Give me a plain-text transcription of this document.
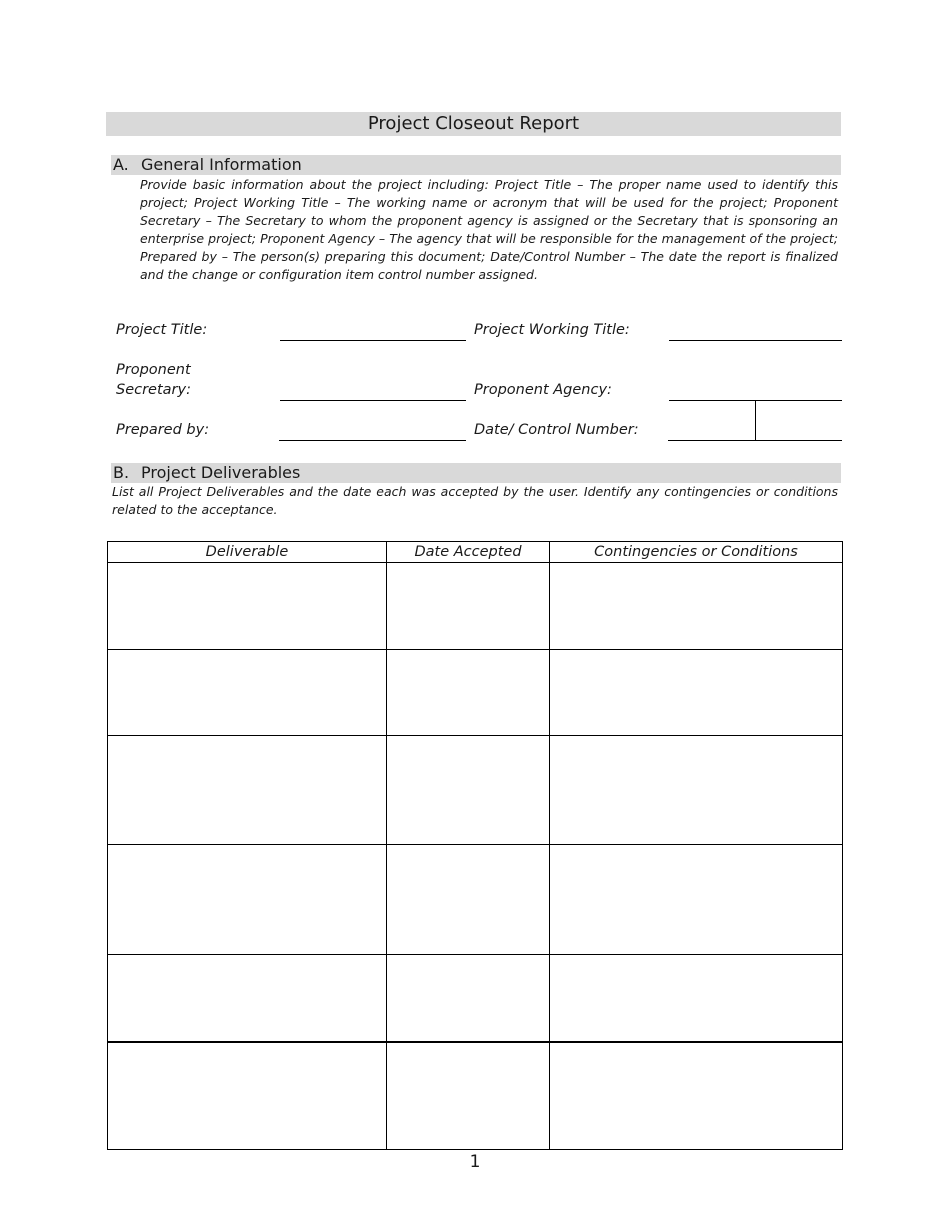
Project Closeout Report
A. General Information
Provide basic information about the project including: Project Title – The proper name used to identify this project; Project Working Title – The working name or acronym that will be used for the project; Proponent Secretary – The Secretary to whom the proponent agency is assigned or the Secretary that is sponsoring an enterprise project; Proponent Agency – The agency that will be responsible for the management of the project; Prepared by – The person(s) preparing this document; Date/Control Number – The date the report is finalized and the change or configuration item control number assigned.
Project Title:	Project Working Title:
Proponent
Secretary:	Proponent Agency:
Prepared by:	Date/ Control Number:
B. Project Deliverables
List all Project Deliverables and the date each was accepted by the user. Identify any contingencies or conditions related to the acceptance.
Deliverable	Date Accepted	Contingencies or Conditions

1
